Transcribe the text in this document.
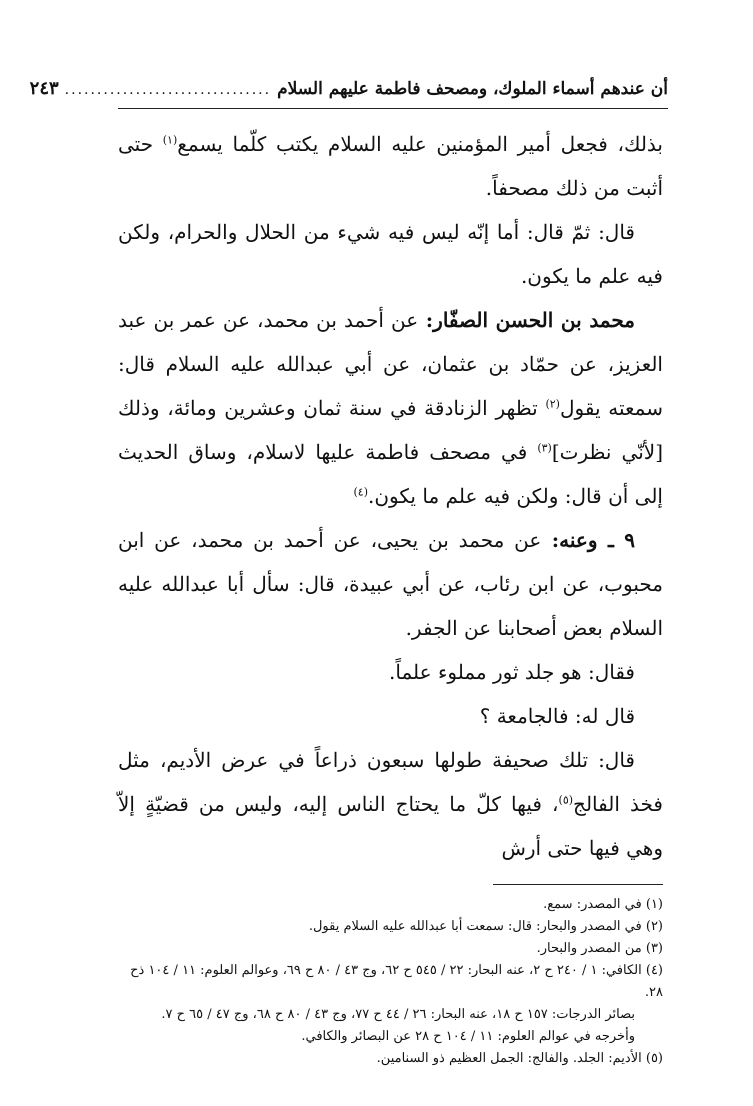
أن عندهم أسماء الملوك، ومصحف فاطمة عليهم السلام
................................
٢٤٣

بذلك، فجعل أمير المؤمنين عليه السلام يكتب كلّما يسمع$^{(١)}$ حتى أثبت من ذلك مصحفاً.

قال: ثمّ قال: أما إنّه ليس فيه شيء من الحلال والحرام، ولكن فيه علم ما يكون.

محمد بن الحسن الصفّار: عن أحمد بن محمد، عن عمر بن عبد العزيز، عن حمّاد بن عثمان، عن أبي عبدالله عليه السلام قال: سمعته يقول$^{(٢)}$ تظهر الزنادقة في سنة ثمان وعشرين ومائة، وذلك [لأنّي نظرت]$^{(٣)}$ في مصحف فاطمة عليها لاسلام، وساق الحديث إلى أن قال: ولكن فيه علم ما يكون.$^{(٤)}$

٩ ـ وعنه: عن محمد بن يحيى، عن أحمد بن محمد، عن ابن محبوب، عن ابن رئاب، عن أبي عبيدة، قال: سأل أبا عبدالله عليه السلام بعض أصحابنا عن الجفر.

فقال: هو جلد ثور مملوء علماً.

قال له: فالجامعة ؟

قال: تلك صحيفة طولها سبعون ذراعاً في عرض الأديم، مثل فخذ الفالج$^{(٥)}$، فيها كلّ ما يحتاج الناس إليه، وليس من قضيّةٍ إلاّ وهي فيها حتى أرش

(١) في المصدر: سمع.

(٢) في المصدر والبحار: قال: سمعت أبا عبدالله عليه السلام يقول.

(٣) من المصدر والبحار.

(٤) الكافي: ١ / ٢٤٠ ح ٢، عنه البحار: ٢٢ / ٥٤٥ ح ٦٢، وج ٤٣ / ٨٠ ح ٦٩، وعوالم العلوم: ١١ / ١٠٤ ذح ٢٨.

بصائر الدرجات: ١٥٧ ح ١٨، عنه البحار: ٢٦ / ٤٤ ح ٧٧، وج ٤٣ / ٨٠ ح ٦٨، وج ٤٧ / ٦٥ ح ٧.

وأخرجه في عوالم العلوم: ١١ / ١٠٤ ح ٢٨ عن البصائر والكافي.

(٥) الأديم: الجلد. والفالج: الجمل العظيم ذو السنامين.
